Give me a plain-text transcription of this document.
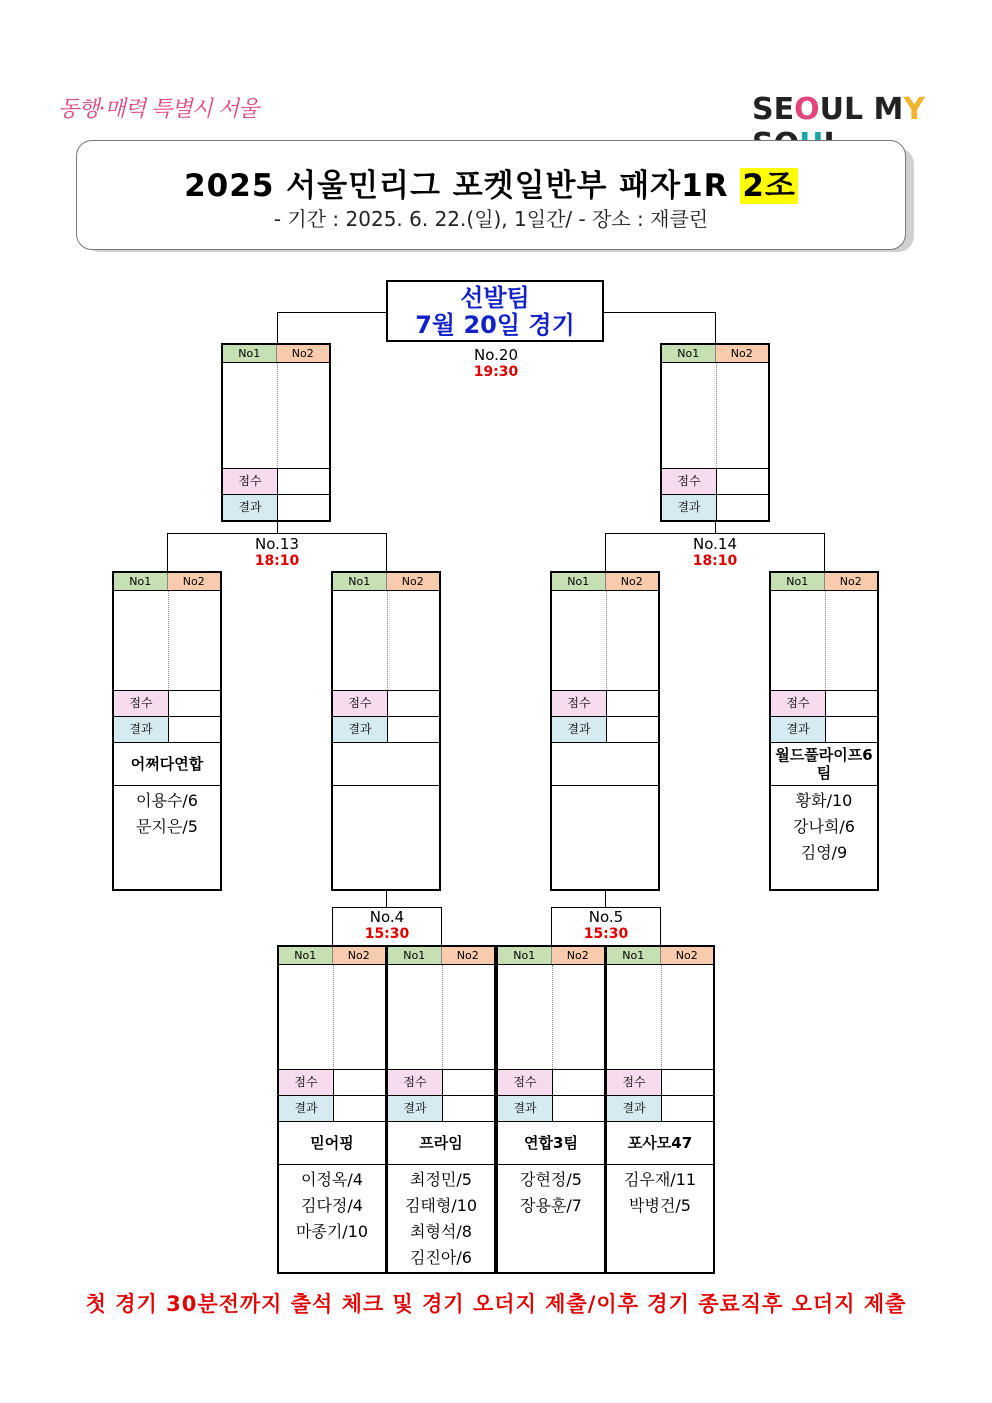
동행·매력 특별시 서울	SEOUL MY
2025 서울민리그 포켓일반부 패자1R 2조
- 기간 : 2025. 6. 22.(일), 1일간/ - 장소 : 재클린
선발팀
7월 20일 경기
No.20
19:30
No.13
18:10
No.14
18:10
No.4
15:30
No.5
15:30
No1	No2
점수
결과
No1	No2
점수
결과
No1	No2
점수
결과
어쩌다연합
이용수/6
문지은/5
No1	No2
점수
결과
No1	No2
점수
결과
No1	No2
점수
결과
월드풀라이프6팀
황화/10
강나희/6
김영/9
No1	No2
점수
결과
믿어핑
이정옥/4
김다정/4
마종기/10
No1	No2
점수
결과
프라임
최정민/5
김태형/10
최형석/8
김진아/6
No1	No2
점수
결과
연합3팀
강현정/5
장용훈/7
No1	No2
점수
결과
포사모47
김우재/11
박병건/5
첫 경기 30분전까지 출석 체크 및 경기 오더지 제출/이후 경기 종료직후 오더지 제출
